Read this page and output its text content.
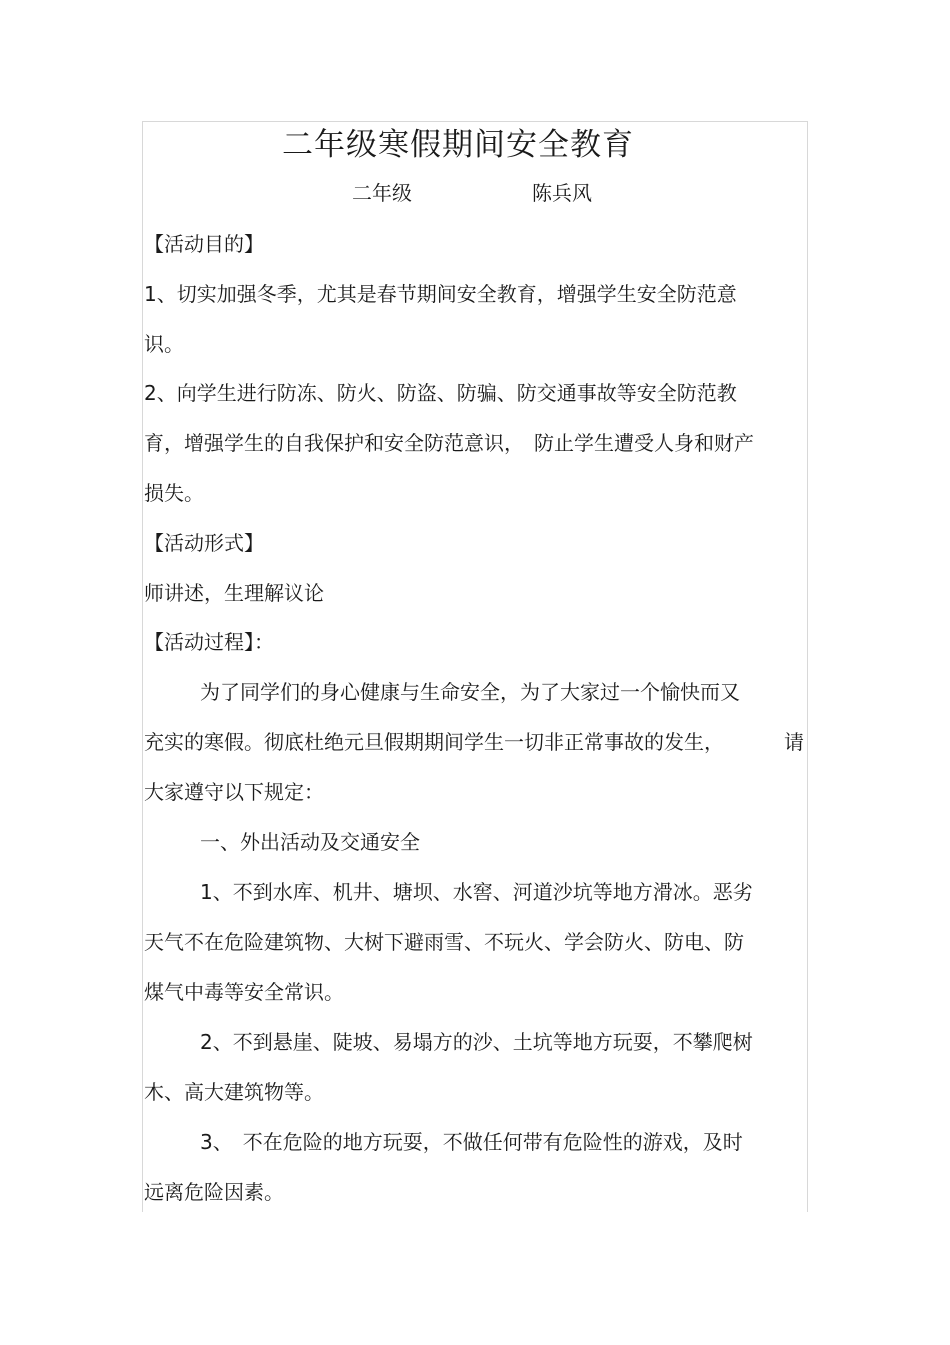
二年级寒假期间安全教育
二年级	陈兵风
【活动目的】
1、切实加强冬季，尤其是春节期间安全教育，增强学生安全防范意
识。
2、向学生进行防冻、防火、防盗、防骗、防交通事故等安全防范教
育，增强学生的自我保护和安全防范意识，　防止学生遭受人身和财产
损失。
【活动形式】
师讲述，生理解议论
【活动过程】：
为了同学们的身心健康与生命安全，为了大家过一个愉快而又
充实的寒假。彻底杜绝元旦假期期间学生一切非正常事故的发生，	请
大家遵守以下规定：
一、外出活动及交通安全
1、不到水库、机井、塘坝、水窖、河道沙坑等地方滑冰。恶劣
天气不在危险建筑物、大树下避雨雪、不玩火、学会防火、防电、防
煤气中毒等安全常识。
2、不到悬崖、陡坡、易塌方的沙、土坑等地方玩耍，不攀爬树
木、高大建筑物等。
3、　不在危险的地方玩耍，不做任何带有危险性的游戏，及时
远离危险因素。
